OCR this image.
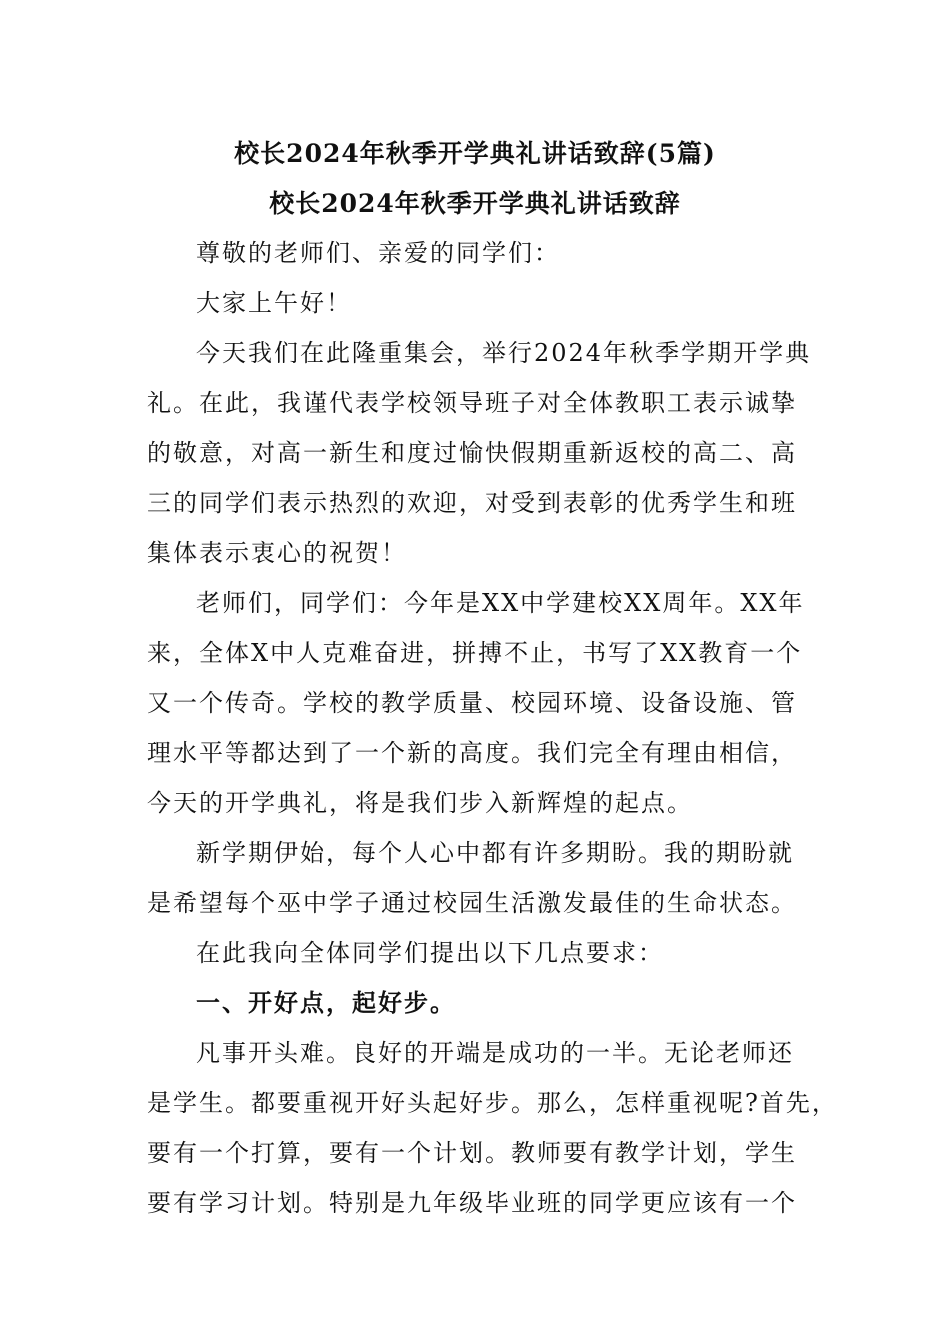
校长2024年秋季开学典礼讲话致辞(5篇)
校长2024年秋季开学典礼讲话致辞
尊敬的老师们、亲爱的同学们：
大家上午好！
今天我们在此隆重集会，举行2024年秋季学期开学典
礼。在此，我谨代表学校领导班子对全体教职工表示诚挚
的敬意，对高一新生和度过愉快假期重新返校的高二、高
三的同学们表示热烈的欢迎，对受到表彰的优秀学生和班
集体表示衷心的祝贺！
老师们，同学们：今年是XX中学建校XX周年。XX年
来，全体X中人克难奋进，拼搏不止，书写了XX教育一个
又一个传奇。学校的教学质量、校园环境、设备设施、管
理水平等都达到了一个新的高度。我们完全有理由相信，
今天的开学典礼，将是我们步入新辉煌的起点。
新学期伊始，每个人心中都有许多期盼。我的期盼就
是希望每个巫中学子通过校园生活激发最佳的生命状态。
在此我向全体同学们提出以下几点要求：
一、开好点，起好步。
凡事开头难。良好的开端是成功的一半。无论老师还
是学生。都要重视开好头起好步。那么，怎样重视呢?首先，
要有一个打算，要有一个计划。教师要有教学计划，学生
要有学习计划。特别是九年级毕业班的同学更应该有一个
